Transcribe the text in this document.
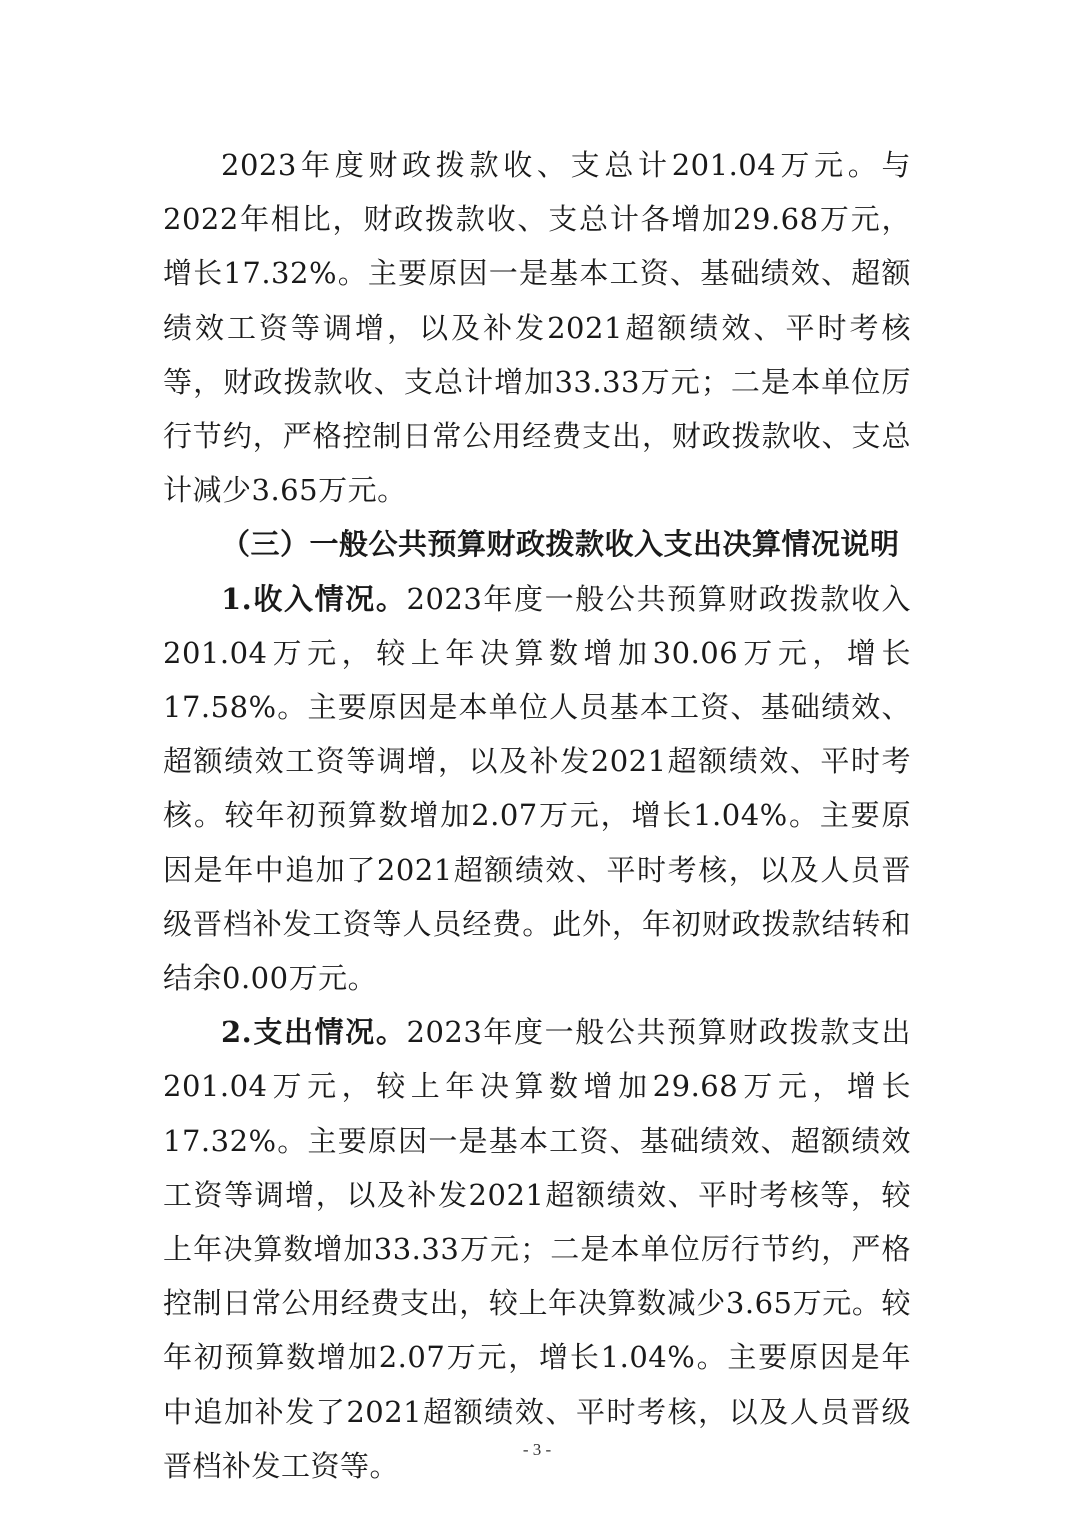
2023年度财政拨款收、支总计201.04万元。与2022年相比，财政拨款收、支总计各增加29.68万元，增长17.32%。主要原因一是基本工资、基础绩效、超额绩效工资等调增，以及补发2021超额绩效、平时考核等，财政拨款收、支总计增加33.33万元；二是本单位厉行节约，严格控制日常公用经费支出，财政拨款收、支总计减少3.65万元。

（三）一般公共预算财政拨款收入支出决算情况说明

1.收入情况。2023年度一般公共预算财政拨款收入201.04万元，较上年决算数增加30.06万元，增长17.58%。主要原因是本单位人员基本工资、基础绩效、超额绩效工资等调增，以及补发2021超额绩效、平时考核。较年初预算数增加2.07万元，增长1.04%。主要原因是年中追加了2021超额绩效、平时考核，以及人员晋级晋档补发工资等人员经费。此外，年初财政拨款结转和结余0.00万元。

2.支出情况。2023年度一般公共预算财政拨款支出201.04万元，较上年决算数增加29.68万元，增长17.32%。主要原因一是基本工资、基础绩效、超额绩效工资等调增，以及补发2021超额绩效、平时考核等，较上年决算数增加33.33万元；二是本单位厉行节约，严格控制日常公用经费支出，较上年决算数减少3.65万元。较年初预算数增加2.07万元，增长1.04%。主要原因是年中追加补发了2021超额绩效、平时考核，以及人员晋级晋档补发工资等。	- 3 -
